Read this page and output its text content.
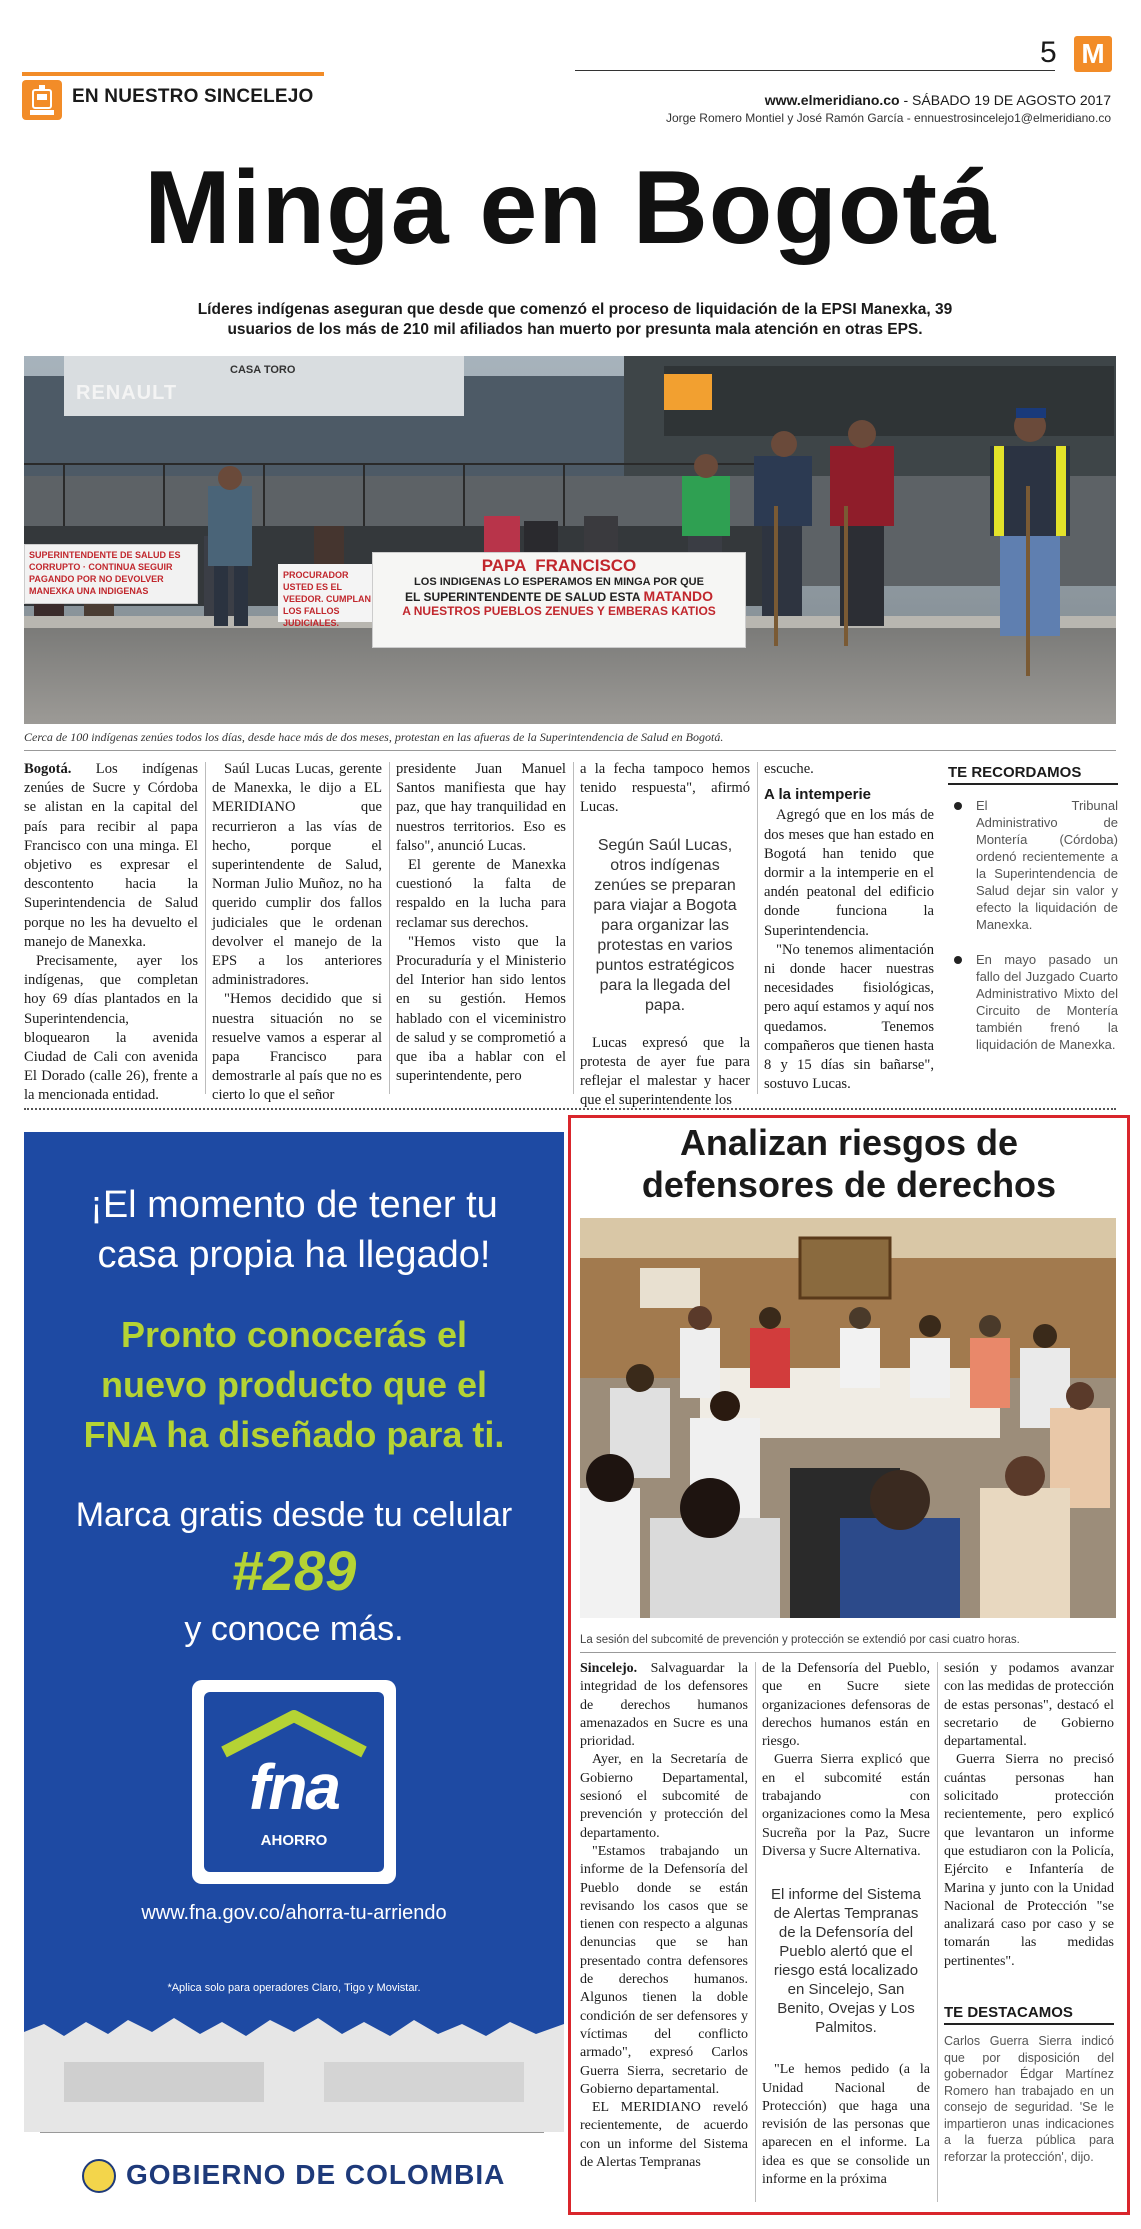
EN NUESTRO SINCELEJO
5 M
www.elmeridiano.co - SÁBADO 19 DE AGOSTO 2017
Jorge Romero Montiel y José Ramón García - ennuestrosincelejo1@elmeridiano.co
Minga en Bogotá
Líderes indígenas aseguran que desde que comenzó el proceso de liquidación de la EPSI Manexka, 39 usuarios de los más de 210 mil afiliados han muerto por presunta mala atención en otras EPS.
RENAULT
CASA TORO
SUPERINTENDENTE DE SALUD ES CORRUPTO · CONTINUA SEGUIR PAGANDO POR NO DEVOLVER MANEXKA UNA INDIGENAS
PROCURADOR USTED ES EL VEEDOR. CUMPLAN LOS FALLOS JUDICIALES.
PAPA  FRANCISCO
LOS INDIGENAS LO ESPERAMOS EN MINGA POR QUE
EL SUPERINTENDENTE DE SALUD ESTA MATANDO
A NUESTROS PUEBLOS ZENUES Y EMBERAS KATIOS
Cerca de 100 indígenas zenúes todos los días, desde hace más de dos meses, protestan en las afueras de la Superintendencia de Salud en Bogotá.

Bogotá. Los indígenas zenúes de Sucre y Córdoba se alistan en la capital del país para recibir al papa Francisco con una minga. El objetivo es expresar el descontento hacia la Superintendencia de Salud porque no les ha devuelto el manejo de Manexka.

Precisamente, ayer los indígenas, que completan hoy 69 días plantados en la Superintendencia, bloquearon la avenida Ciudad de Cali con avenida El Dorado (calle 26), frente a la mencionada entidad.

Saúl Lucas Lucas, gerente de Manexka, le dijo a EL MERIDIANO que recurrieron a las vías de hecho, porque el superintendente de Salud, Norman Julio Muñoz, no ha querido cumplir dos fallos judiciales que le ordenan devolver el manejo de la EPS a los anteriores administradores.

"Hemos decidido que si nuestra situación no se resuelve vamos a esperar al papa Francisco para demostrarle al país que no es cierto lo que el señor

presidente Juan Manuel Santos manifiesta que hay paz, que hay tranquilidad en nuestros territorios. Eso es falso", anunció Lucas.

El gerente de Manexka cuestionó la falta de respaldo en la lucha para reclamar sus derechos.

"Hemos visto que la Procuraduría y el Ministerio del Interior han sido lentos en su gestión. Hemos hablado con el viceministro de salud y se comprometió a que iba a hablar con el superintendente, pero

a la fecha tampoco hemos tenido respuesta", afirmó Lucas.

Según Saúl Lucas, otros indígenas zenúes se preparan para viajar a Bogota para organizar las protestas en varios puntos estratégicos para la llegada del papa.

Lucas expresó que la protesta de ayer fue para reflejar el malestar y hacer que el superintendente los

escuche.

A la intemperie

Agregó que en los más de dos meses que han estado en Bogotá han tenido que dormir a la intemperie en el andén peatonal del edificio donde funciona la Superintendencia.

"No tenemos alimentación ni donde hacer nuestras necesidades fisiológicas, pero aquí estamos y aquí nos quedamos. Tenemos compañeros que tienen hasta 8 y 15 días sin bañarse", sostuvo Lucas.

TE RECORDAMOS
El Tribunal Administrativo de Montería (Córdoba) ordenó recientemente a la Superintendencia de Salud dejar sin valor y efecto la liquidación de Manexka.
En mayo pasado un fallo del Juzgado Cuarto Administrativo Mixto del Circuito de Montería también frenó la liquidación de Manexka.
¡El momento de tener tu casa propia ha llegado!
Pronto conocerás el nuevo producto que el FNA ha diseñado para ti.
Marca gratis desde tu celular
#289
y conoce más.
fna
AHORRO
www.fna.gov.co/ahorra-tu-arriendo
*Aplica solo para operadores Claro, Tigo y Movistar.
GOBIERNO DE COLOMBIA
Analizan riesgos de defensores de derechos
La sesión del subcomité de prevención y protección se extendió por casi cuatro horas.

Sincelejo. Salvaguardar la integridad de los defensores de derechos humanos amenazados en Sucre es una prioridad.

Ayer, en la Secretaría de Gobierno Departamental, sesionó el subcomité de prevención y protección del departamento.

"Estamos trabajando un informe de la Defensoría del Pueblo donde se están revisando los casos que se tienen con respecto a algunas denuncias que se han presentado contra defensores de derechos humanos. Algunos tienen la doble condición de ser defensores y víctimas del conflicto armado", expresó Carlos Guerra Sierra, secretario de Gobierno departamental.

EL MERIDIANO reveló recientemente, de acuerdo con un informe del Sistema de Alertas Tempranas

de la Defensoría del Pueblo, que en Sucre siete organizaciones defensoras de derechos humanos están en riesgo.

Guerra Sierra explicó que en el subcomité están trabajando con organizaciones como la Mesa Sucreña por la Paz, Sucre Diversa y Sucre Alternativa.

El informe del Sistema de Alertas Tempranas de la Defensoría del Pueblo alertó que el riesgo está localizado en Sincelejo, San Benito, Ovejas y Los Palmitos.

"Le hemos pedido (a la Unidad Nacional de Protección) que haga una revisión de las personas que aparecen en el informe. La idea es que se consolide un informe en la próxima

sesión y podamos avanzar con las medidas de protección de estas personas", destacó el secretario de Gobierno departamental.

Guerra Sierra no precisó cuántas personas han solicitado protección recientemente, pero explicó que levantaron un informe que estudiaron con la Policía, Ejército e Infantería de Marina y junto con la Unidad Nacional de Protección "se analizará caso por caso y se tomarán las medidas pertinentes".

TE DESTACAMOS
Carlos Guerra Sierra indicó que por disposición del gobernador Édgar Martínez Romero han trabajado en un consejo de seguridad. 'Se le impartieron unas indicaciones a la fuerza pública para reforzar la protección', dijo.
